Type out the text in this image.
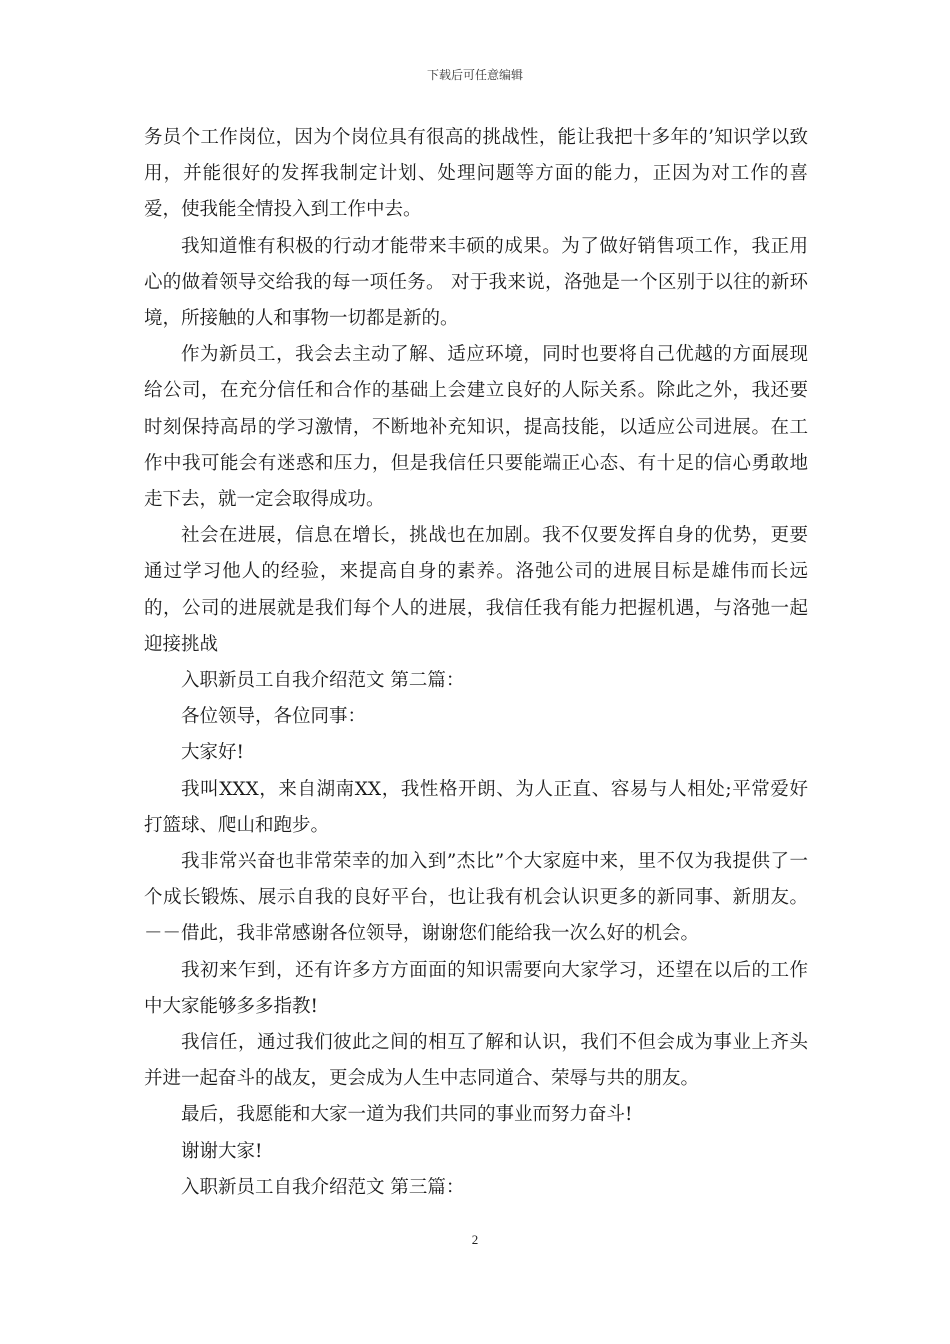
下载后可任意编辑

务员个工作岗位，因为个岗位具有很高的挑战性，能让我把十多年的’知识学以致用，并能很好的发挥我制定计划、处理问题等方面的能力，正因为对工作的喜爱，使我能全情投入到工作中去。

我知道惟有积极的行动才能带来丰硕的成果。为了做好销售项工作，我正用心的做着领导交给我的每一项任务。 对于我来说，洛弛是一个区别于以往的新环境，所接触的人和事物一切都是新的。

作为新员工，我会去主动了解、适应环境，同时也要将自己优越的方面展现给公司，在充分信任和合作的基础上会建立良好的人际关系。除此之外，我还要时刻保持高昂的学习激情，不断地补充知识，提高技能，以适应公司进展。在工作中我可能会有迷惑和压力，但是我信任只要能端正心态、有十足的信心勇敢地走下去，就一定会取得成功。

社会在进展，信息在增长，挑战也在加剧。我不仅要发挥自身的优势，更要通过学习他人的经验，来提高自身的素养。洛弛公司的进展目标是雄伟而长远的，公司的进展就是我们每个人的进展，我信任我有能力把握机遇，与洛弛一起迎接挑战

入职新员工自我介绍范文 第二篇：

各位领导，各位同事：

大家好!

我叫XXX，来自湖南XX，我性格开朗、为人正直、容易与人相处;平常爱好打篮球、爬山和跑步。

我非常兴奋也非常荣幸的加入到”杰比”个大家庭中来，里不仅为我提供了一个成长锻炼、展示自我的良好平台，也让我有机会认识更多的新同事、新朋友。－－借此，我非常感谢各位领导，谢谢您们能给我一次么好的机会。

我初来乍到，还有许多方方面面的知识需要向大家学习，还望在以后的工作中大家能够多多指教!

我信任，通过我们彼此之间的相互了解和认识，我们不但会成为事业上齐头并进一起奋斗的战友，更会成为人生中志同道合、荣辱与共的朋友。

最后，我愿能和大家一道为我们共同的事业而努力奋斗!

谢谢大家!

入职新员工自我介绍范文 第三篇：

2
